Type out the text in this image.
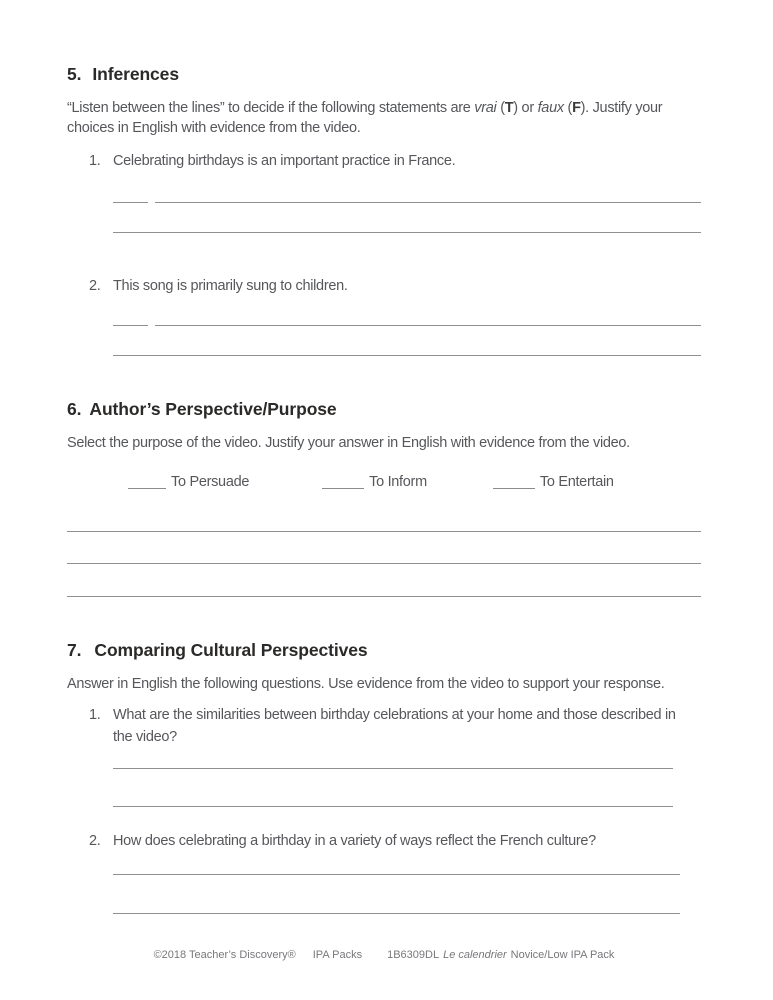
5. Inferences

“Listen between the lines” to decide if the following statements are vrai (T) or faux (F). Justify your
choices in English with evidence from the video.

1. Celebrating birthdays is an important practice in France.
2. This song is primarily sung to children.
6. Author’s Perspective/Purpose

Select the purpose of the video. Justify your answer in English with evidence from the video.

To Persuade	To Inform	To Entertain
7. Comparing Cultural Perspectives

Answer in English the following questions. Use evidence from the video to support your response.

1. What are the similarities between birthday celebrations at your home and those described in
the video?
2. How does celebrating a birthday in a variety of ways reflect the French culture?
©2018 Teacher’s Discovery® IPA Packs 1B6309DL Le calendrier Novice/Low IPA Pack
